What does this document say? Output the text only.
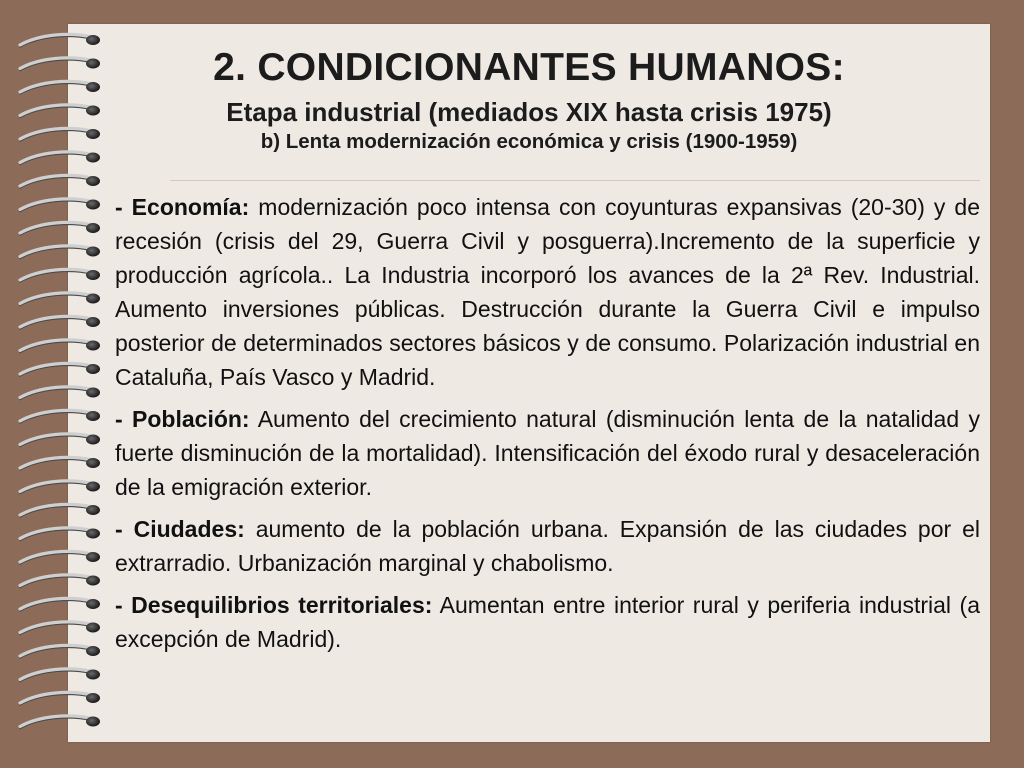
2. CONDICIONANTES HUMANOS:
Etapa industrial (mediados XIX hasta crisis 1975)
b) Lenta modernización económica y crisis (1900-1959)

- Economía: modernización poco intensa con coyunturas expansivas (20-30) y de recesión (crisis del 29, Guerra Civil y posguerra).Incremento de la superficie y producción agrícola.. La Industria incorporó los avances de la 2ª Rev. Industrial. Aumento inversiones públicas. Destrucción durante la Guerra Civil e impulso posterior de determinados sectores básicos y de consumo. Polarización industrial en Cataluña, País Vasco y Madrid.

- Población: Aumento del crecimiento natural (disminución lenta de la natalidad y fuerte disminución de la mortalidad). Intensificación del éxodo rural y desaceleración de la emigración exterior.

- Ciudades: aumento de la población urbana. Expansión de las ciudades por el extrarradio. Urbanización marginal y chabolismo.

- Desequilibrios territoriales: Aumentan entre interior rural y periferia industrial (a excepción de Madrid).
